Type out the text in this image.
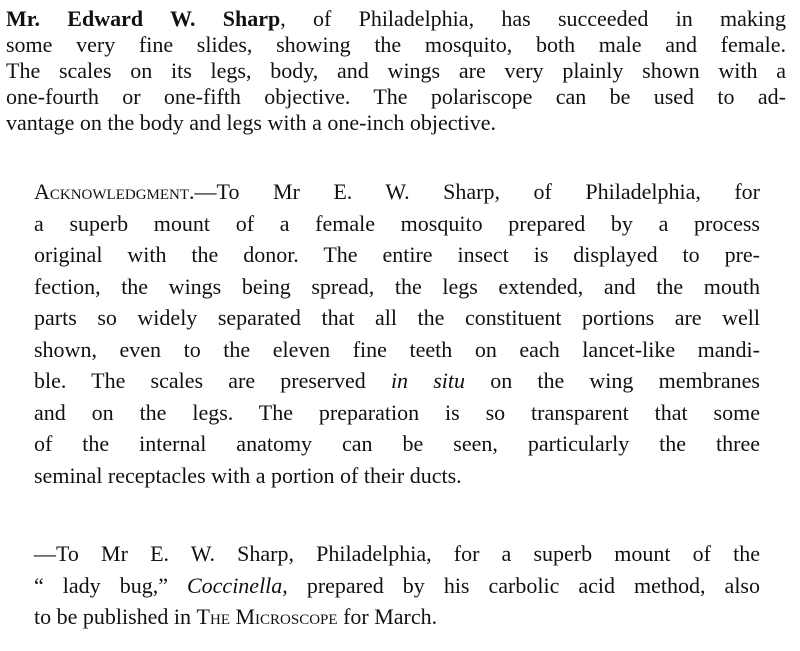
Mr. Edward W. Sharp, of Philadelphia, has succeeded in making
some very fine slides, showing the mosquito, both male and female.
The scales on its legs, body, and wings are very plainly shown with a
one-fourth or one-fifth objective. The polariscope can be used to ad-
vantage on the body and legs with a one-inch objective.
Acknowledgment.—To Mr E. W. Sharp, of Philadelphia, for
a superb mount of a female mosquito prepared by a process
original with the donor. The entire insect is displayed to pre-
fection, the wings being spread, the legs extended, and the mouth
parts so widely separated that all the constituent portions are well
shown, even to the eleven fine teeth on each lancet-like mandi-
ble. The scales are preserved in situ on the wing membranes
and on the legs. The preparation is so transparent that some
of the internal anatomy can be seen, particularly the three
seminal receptacles with a portion of their ducts.
—To Mr E. W. Sharp, Philadelphia, for a superb mount of the
“ lady bug,” Coccinella, prepared by his carbolic acid method, also
to be published in The Microscope for March.
